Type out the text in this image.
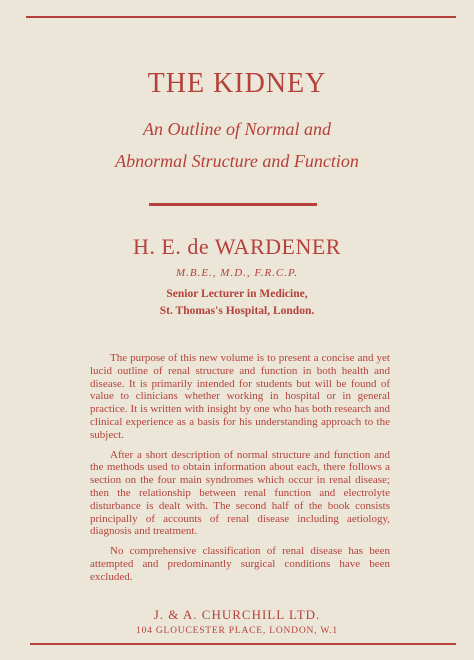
THE KIDNEY
An Outline of Normal and
Abnormal Structure and Function
H. E. de WARDENER
M.B.E., M.D., F.R.C.P.
Senior Lecturer in Medicine,
St. Thomas's Hospital, London.

The purpose of this new volume is to present a concise and yet lucid outline of renal structure and function in both health and disease. It is primarily intended for students but will be found of value to clinicians whether working in hospital or in general practice. It is written with insight by one who has both research and clinical experience as a basis for his understanding approach to the subject.

After a short description of normal structure and function and the methods used to obtain information about each, there follows a section on the four main syndromes which occur in renal disease; then the relationship between renal function and electrolyte disturbance is dealt with. The second half of the book consists principally of accounts of renal disease including aetiology, diagnosis and treatment.

No comprehensive classification of renal disease has been attempted and predominantly surgical conditions have been excluded.

J. & A. CHURCHILL LTD.
104 GLOUCESTER PLACE, LONDON, W.1
